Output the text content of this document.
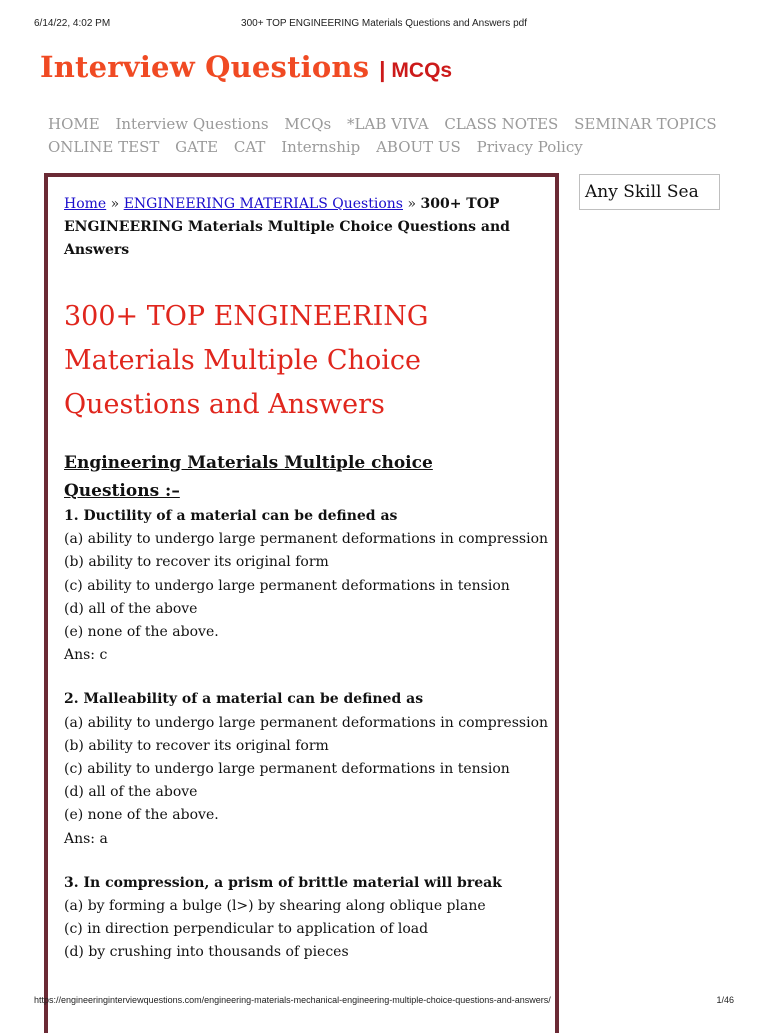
6/14/22, 4:02 PM	300+ TOP ENGINEERING Materials Questions and Answers pdf
Interview Questions | MCQs
HOME Interview Questions MCQs *LAB VIVA CLASS NOTES SEMINAR TOPICS
ONLINE TEST GATE CAT Internship ABOUT US Privacy Policy
Home » ENGINEERING MATERIALS Questions » 300+ TOP ENGINEERING Materials Multiple Choice Questions and Answers
300+ TOP ENGINEERING Materials Multiple Choice Questions and Answers
Engineering Materials Multiple choice Questions :–
1. Ductility of a material can be defined as
(a) ability to undergo large permanent deformations in compression
(b) ability to recover its original form
(c) ability to undergo large permanent deformations in tension
(d) all of the above
(e) none of the above.
Ans: c
2. Malleability of a material can be defined as
(a) ability to undergo large permanent deformations in compression
(b) ability to recover its original form
(c) ability to undergo large permanent deformations in tension
(d) all of the above
(e) none of the above.
Ans: a
3. In compression, a prism of brittle material will break
(a) by forming a bulge (l>) by shearing along oblique plane
(c) in direction perpendicular to application of load
(d) by crushing into thousands of pieces
Any Skill Sea
https://engineeringinterviewquestions.com/engineering-materials-mechanical-engineering-multiple-choice-questions-and-answers/	1/46
